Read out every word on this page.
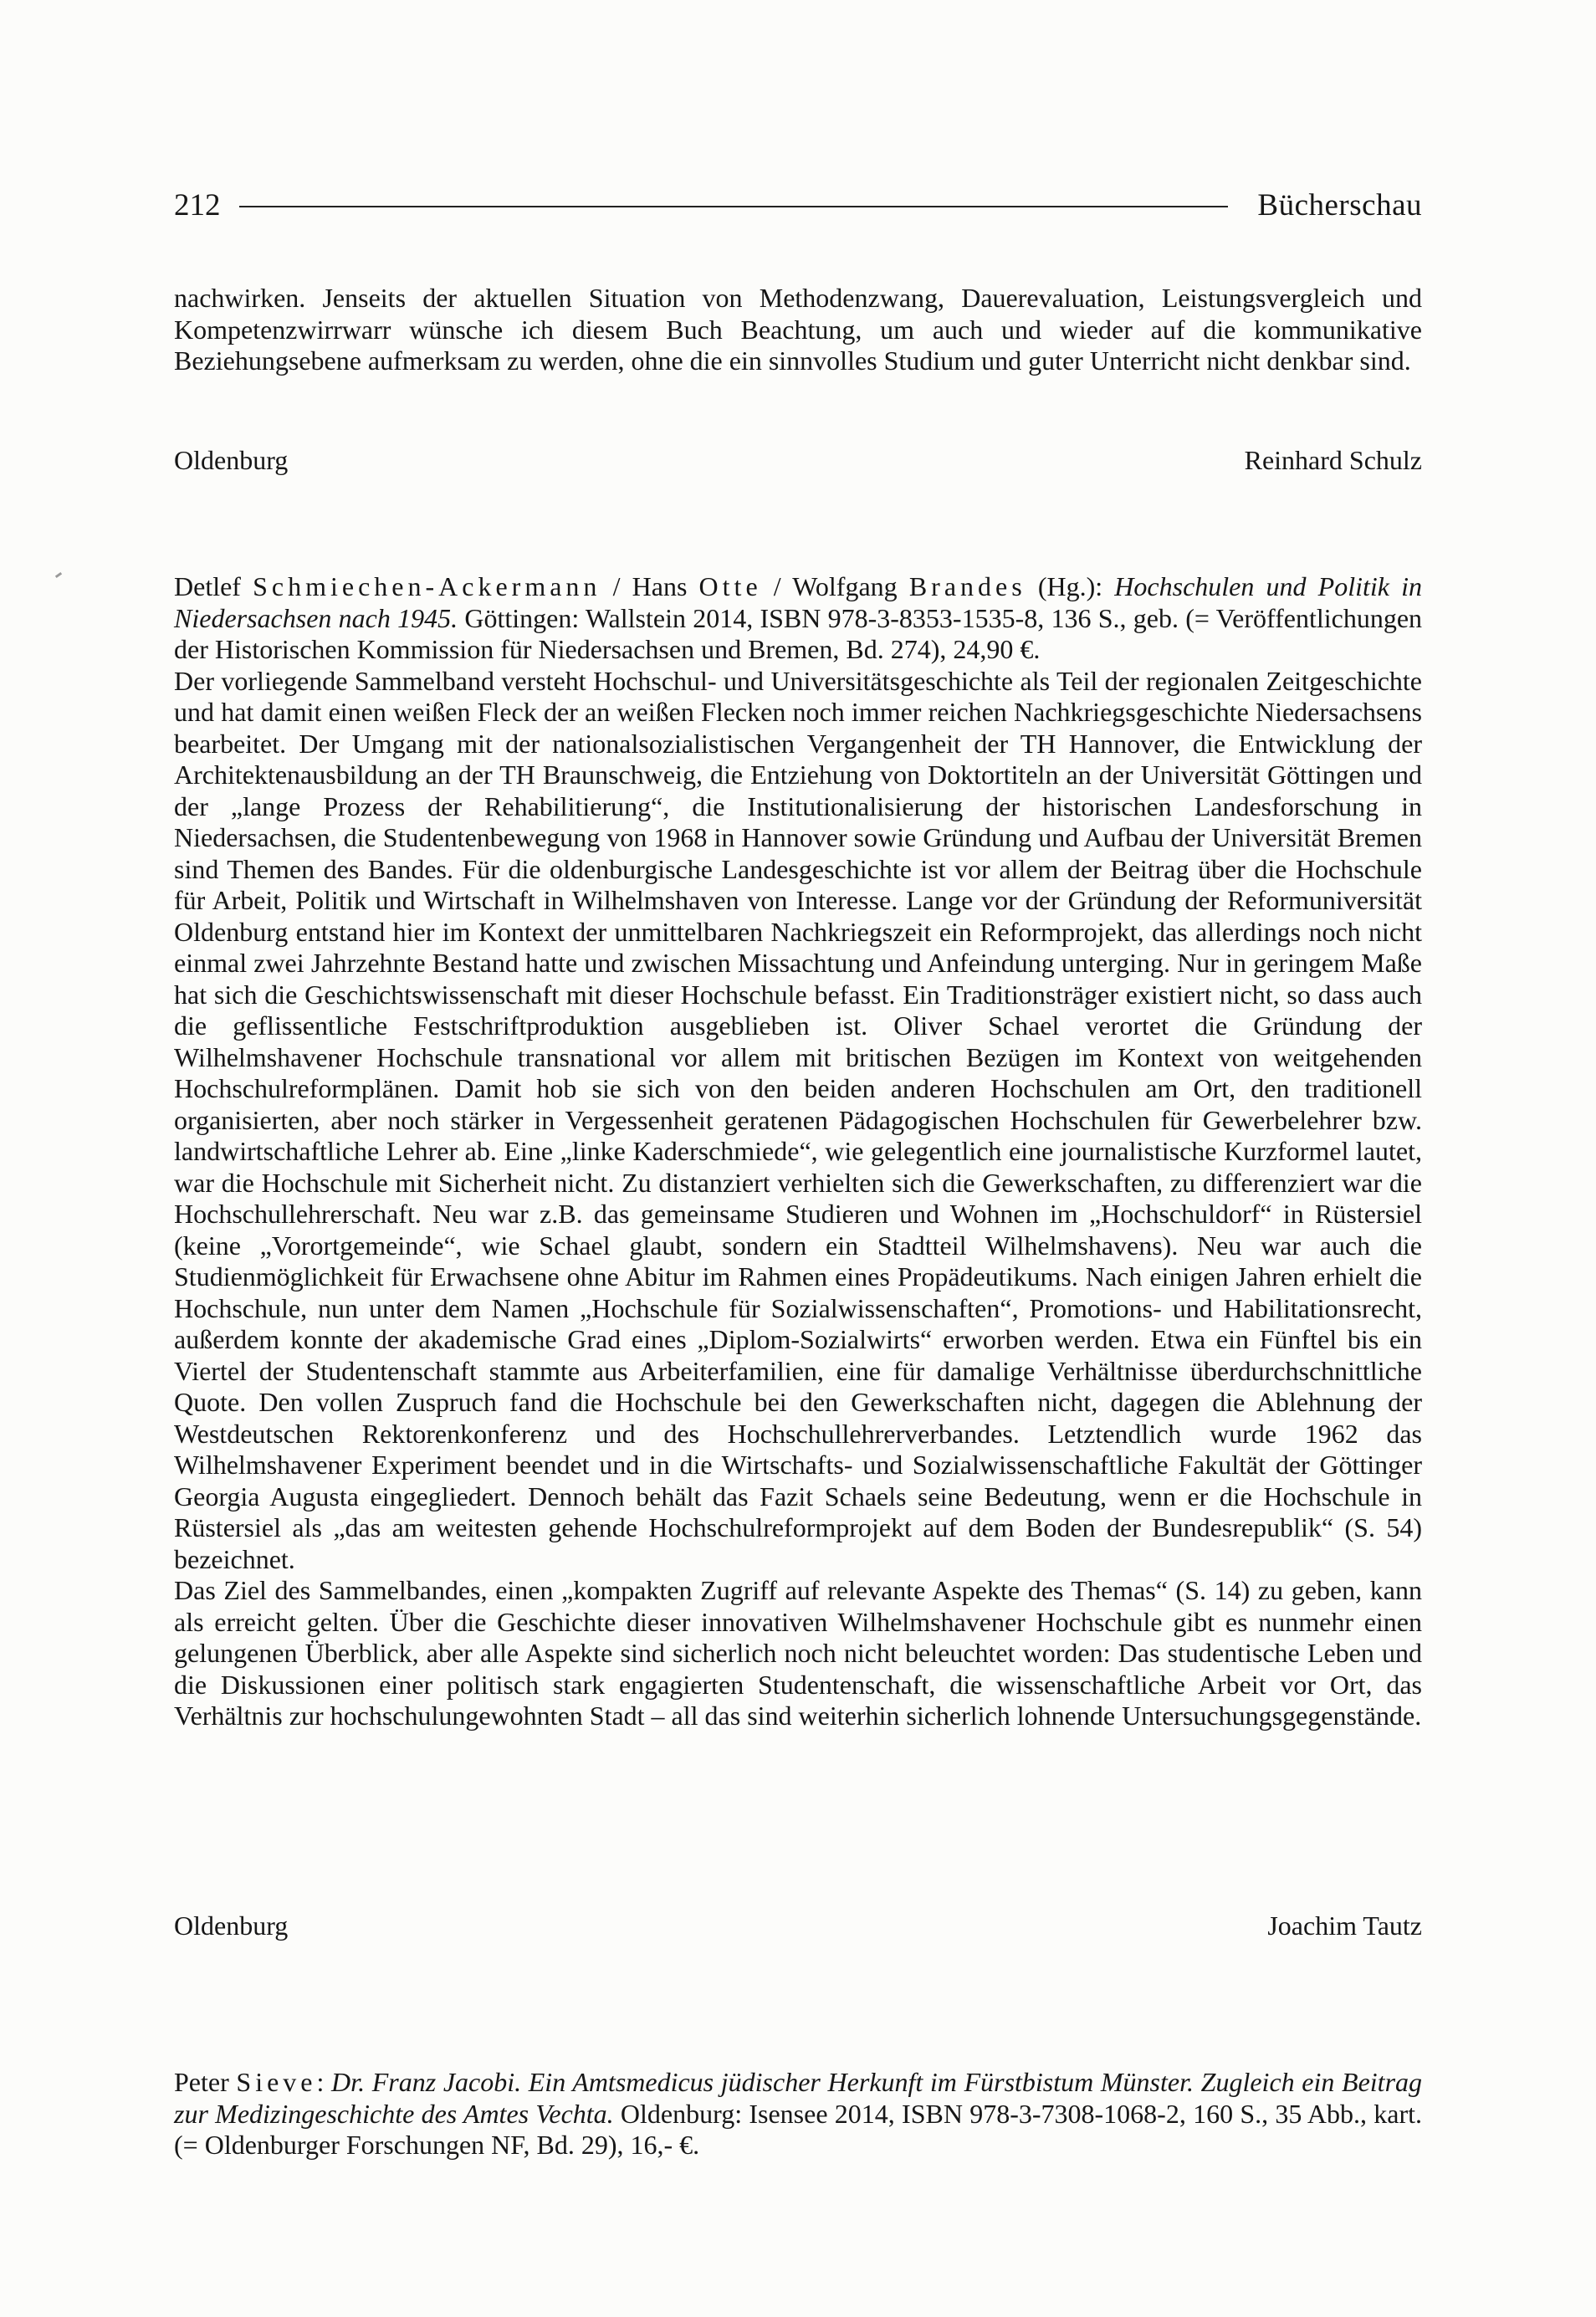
212	Bücherschau

nachwirken. Jenseits der aktuellen Situation von Methodenzwang, Dauerevaluation, Leistungsvergleich und Kompetenzwirrwarr wünsche ich diesem Buch Beachtung, um auch und wieder auf die kommunikative Beziehungsebene aufmerksam zu werden, ohne die ein sinnvolles Studium und guter Unterricht nicht denkbar sind.

Oldenburg	Reinhard Schulz

Detlef Schmiechen-Ackermann / Hans Otte / Wolfgang Brandes (Hg.): Hochschulen und Politik in Niedersachsen nach 1945. Göttingen: Wallstein 2014, ISBN 978-3-8353-1535-8, 136 S., geb. (= Veröffentlichungen der Historischen Kommission für Niedersachsen und Bremen, Bd. 274), 24,90 €.

Der vorliegende Sammelband versteht Hochschul- und Universitätsgeschichte als Teil der regionalen Zeitgeschichte und hat damit einen weißen Fleck der an weißen Flecken noch immer reichen Nachkriegsgeschichte Niedersachsens bearbeitet. Der Umgang mit der nationalsozialistischen Vergangenheit der TH Hannover, die Entwicklung der Architektenausbildung an der TH Braunschweig, die Entziehung von Doktortiteln an der Universität Göttingen und der „lange Prozess der Rehabilitierung“, die Institutionalisierung der historischen Landesforschung in Niedersachsen, die Studentenbewegung von 1968 in Hannover sowie Gründung und Aufbau der Universität Bremen sind Themen des Bandes. Für die oldenburgische Landesgeschichte ist vor allem der Beitrag über die Hochschule für Arbeit, Politik und Wirtschaft in Wilhelmshaven von Interesse. Lange vor der Gründung der Reformuniversität Oldenburg entstand hier im Kontext der unmittelbaren Nachkriegszeit ein Reformprojekt, das allerdings noch nicht einmal zwei Jahrzehnte Bestand hatte und zwischen Missachtung und Anfeindung unterging. Nur in geringem Maße hat sich die Geschichtswissenschaft mit dieser Hochschule befasst. Ein Traditionsträger existiert nicht, so dass auch die geflissentliche Festschriftproduktion ausgeblieben ist. Oliver Schael verortet die Gründung der Wilhelmshavener Hochschule transnational vor allem mit britischen Bezügen im Kontext von weitgehenden Hochschulreformplänen. Damit hob sie sich von den beiden anderen Hochschulen am Ort, den traditionell organisierten, aber noch stärker in Vergessenheit geratenen Pädagogischen Hochschulen für Gewerbelehrer bzw. landwirtschaftliche Lehrer ab. Eine „linke Kaderschmiede“, wie gelegentlich eine journalistische Kurzformel lautet, war die Hochschule mit Sicherheit nicht. Zu distanziert verhielten sich die Gewerkschaften, zu differenziert war die Hochschullehrerschaft. Neu war z.B. das gemeinsame Studieren und Wohnen im „Hochschuldorf“ in Rüstersiel (keine „Vorortgemeinde“, wie Schael glaubt, sondern ein Stadtteil Wilhelmshavens). Neu war auch die Studienmöglichkeit für Erwachsene ohne Abitur im Rahmen eines Propädeutikums. Nach einigen Jahren erhielt die Hochschule, nun unter dem Namen „Hochschule für Sozialwissenschaften“, Promotions- und Habilitationsrecht, außerdem konnte der akademische Grad eines „Diplom-Sozialwirts“ erworben werden. Etwa ein Fünftel bis ein Viertel der Studentenschaft stammte aus Arbeiterfamilien, eine für damalige Verhältnisse überdurchschnittliche Quote. Den vollen Zuspruch fand die Hochschule bei den Gewerkschaften nicht, dagegen die Ablehnung der Westdeutschen Rektorenkonferenz und des Hochschullehrerverbandes. Letztendlich wurde 1962 das Wilhelmshavener Experiment beendet und in die Wirtschafts- und Sozialwissenschaftliche Fakultät der Göttinger Georgia Augusta eingegliedert. Dennoch behält das Fazit Schaels seine Bedeutung, wenn er die Hochschule in Rüstersiel als „das am weitesten gehende Hochschulreformprojekt auf dem Boden der Bundesrepublik“ (S. 54) bezeichnet.

Das Ziel des Sammelbandes, einen „kompakten Zugriff auf relevante Aspekte des Themas“ (S. 14) zu geben, kann als erreicht gelten. Über die Geschichte dieser innovativen Wilhelmshavener Hochschule gibt es nunmehr einen gelungenen Überblick, aber alle Aspekte sind sicherlich noch nicht beleuchtet worden: Das studentische Leben und die Diskussionen einer politisch stark engagierten Studentenschaft, die wissenschaftliche Arbeit vor Ort, das Verhältnis zur hochschulungewohnten Stadt – all das sind weiterhin sicherlich lohnende Untersuchungsgegenstände.

Oldenburg	Joachim Tautz

Peter Sieve: Dr. Franz Jacobi. Ein Amtsmedicus jüdischer Herkunft im Fürstbistum Münster. Zugleich ein Beitrag zur Medizingeschichte des Amtes Vechta. Oldenburg: Isensee 2014, ISBN 978-3-7308-1068-2, 160 S., 35 Abb., kart. (= Oldenburger Forschungen NF, Bd. 29), 16,- €.
